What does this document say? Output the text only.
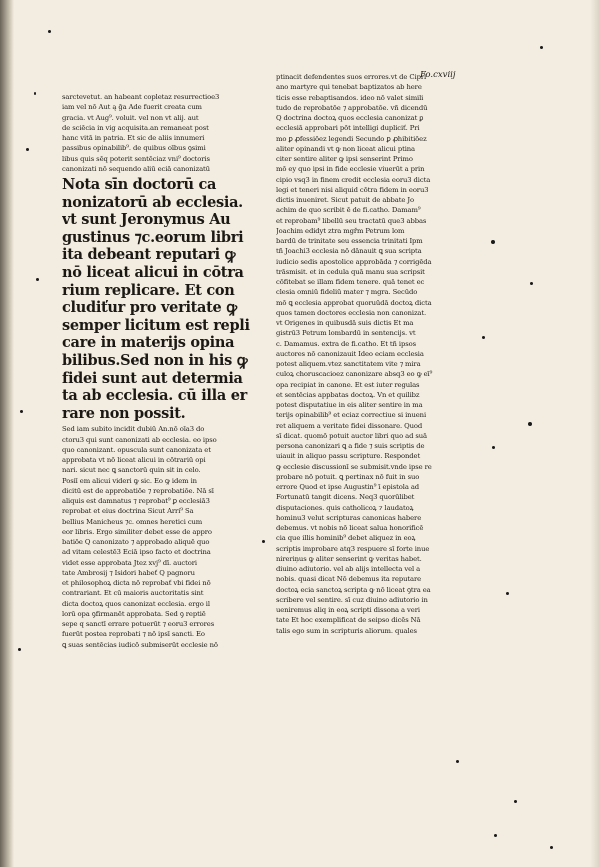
Fo.cxviij
sarctevetut. an habeant copletaz resurrectioe3
iam vel nō Aut ą ḡa Ade fuerit creata cum
gracia. vt Aug⁹. voluit. vel non vt alij. aut
de sciēcia in vig acquisita.an remaneat post
hanc vitā in patria. Et sic de aliis innumeri
passibus opinabilib⁹. de quibus oībus ꝯsimi
libus quis sēq poterit sentēciaz vni⁹ doctoris
canonizati nō sequendo aliū eciā canonizatū
Nota sīn doctorū ca
nonizatorū ab ecclesia.
vt sunt Jeronymus Au
gustinus ⁊c.eorum libri
ita debeant reputari ꝙ
nō liceat alicui in cōtra
rium replicare. Et con
cludiťur pro veritate ꝙ
semper licitum est repli
care in materijs opina
bilibus.Sed non in his ꝙ
fidei sunt aut determia
ta ab ecclesia. cū illa er
rare non possit.
Sed iam subito incidit dubiū An.nō oīa3 do
ctoru3 qui sunt canonizati ab ecclesia. eo ipso
quo canonizant. opuscula sunt canonizata et
approbata vt nō liceat alicui in cōtrariū opi
nari. sicut nec ꝗ sanctorū quin sit in celo.
Posiī em alicui videri ꝙ sic. Eo ꝙ idem in
dicitū est de approbatiōe ⁊ reprobatiōe. Nā sī
aliquis est damnatus ⁊ reprobat⁹ ꝑ ecclesiā3
reprobat et eius doctrina Sicut Arri⁹ Sa
bellius Manicheus ⁊c. omnes heretici cum
eor libris. Ergo similiter debet esse de appro
batiōe Q canonizato ⁊ approbado aliquē quo
ad vitam celestē3 Eciā ipso facto et doctrina
videt esse approbata Jtez xvj⁹ dī. auctori
tate Ambrosij ⁊ Isidori habeť Q pagnoru
et philosophoꝝ dicta nō reprobať vbi fidei nō
contrariant. Et cū maioris auctoritatis sint
dicta doctoꝝ quos canonizat ecclesia. ergo il
lorū opa ꝯfirmanēt approbata. Sed ꝯ reptiē
sepe q sanctī errare potuerūt ⁊ eoru3 errores
fuerūt postea reprobati ⁊ nō ipsī sancti. Eo
ꝗ suas sentēcias iudicō submiserūt ecclesie nō
ptinacit defendentes suos errores.vt de Cipri
ano martyre qui tenebat baptizatos ab here
ticis esse rebaptisandos. ideo nō valet simili
tudo de reprobatōe ⁊ approbatōe. vñ dicendū
Q doctrina doctoꝝ quos ecclesia canonizat ꝑ
ecclesiā approbari pōt intelligi dupliciť. Pri
mo ꝑ ꝓfessiōez legendi Secundo ꝑ ꝓhibitiōez
aliter opinandi vt ꝙ non liceat alicui ptina
citer sentire aliter ꝙ ipsi senserint Primo
mō ey quo ipsi in fide ecclesie viuerūt a prin
cipio vsq3 in finem credit ecclesia eoru3 dicta
legi et teneri nisi aliquid cōtra fidem in eoru3
dictis inueniret. Sicut patuit de abbate Jo
achim de quo scribit ē de fi.catho. Damam⁹
et reprobam⁹ libellū seu tractatū que3 abbas
Joachim edidyt ztra mgřm Petrum lom
bardū de trinitate seu essencia trinitati Ipm
tñ Joachi3 ecclesia nō dānauit ꝗ sua scripta
iudicio sedis apostolice approbāda ⁊ corrigēda
trāsmisit. et in cedula quā manu sua scripsit
cōfitebat se illam fidem tenere. quā tenet ec
clesia omniū fideliū mater ⁊ mgra. Secūdo
mō ꝗ ecclesia approbat quoruūdā doctoꝝ dicta
quos tamen doctores ecclesia non canonizat.
vt Origenes in quibusdā suis dictis Et ma
gistrū3 Petrum lombardū in sentencijs. vt
c. Damamus. extra de fi.catho. Et tñ ipsos
auctores nō canonizauit Ideo eciam ecclesia
potest aliquem.vtez sanctitatem vite ⁊ mira
culoꝝ choruscacioez canonizare absq3 eo ꝙ eī⁹
opa recipiat in canone. Et est iuter regulas
et sentēcias appbatas doctoꝝ. Vn et quilibz
potest disputatiue in eis aliter sentire in ma
terijs opinabilib⁹ et eciaz correctiue si inueni
ret aliquem a veritate fidei dissonare. Quod
sī dicat. quomō potuit auctor libri quo ad suā
persona canonizari ꝗ a fide ⁊ suis scriptis de
uiauit in aliquo passu scripture. Respondet
ꝙ ecclesie discussionī se submisit.vnde ipse re
probare nō potuit. ꝗ pertinax nō fuit in suo
errore Quod et ipse Augustin⁹ ī epistola ad
Fortunatū tangit dicens. Neq3 quorūlibet
disputaciones. quis catholicoꝝ ⁊ laudatoꝝ
hominu3 velut scripturas canonicas habere
debemus. vt nobis nō liceat salua honorificē
cia que illis hominib⁹ debet aliquez in eoꝝ
scriptis improbare atq3 respuere sī forte inue
nireriņus ꝙ aliter senserint ꝙ veritas habet.
diuino adiutorio. vel ab alijs intellecta vel a
nobis. quasi dicat Nō debemus ita reputare
doctoꝝ ecia sanctoꝝ scripta ꝙ nō liceat ꝯtra ea
scribere vel sentire. sī cuz diuino adiutorio in
ueniremus aliq in eoꝝ scripti dissona a veri
tate Et hoc exemplificat de seipso dicēs Nā
talis ego sum in scripturis aliorum. quales
